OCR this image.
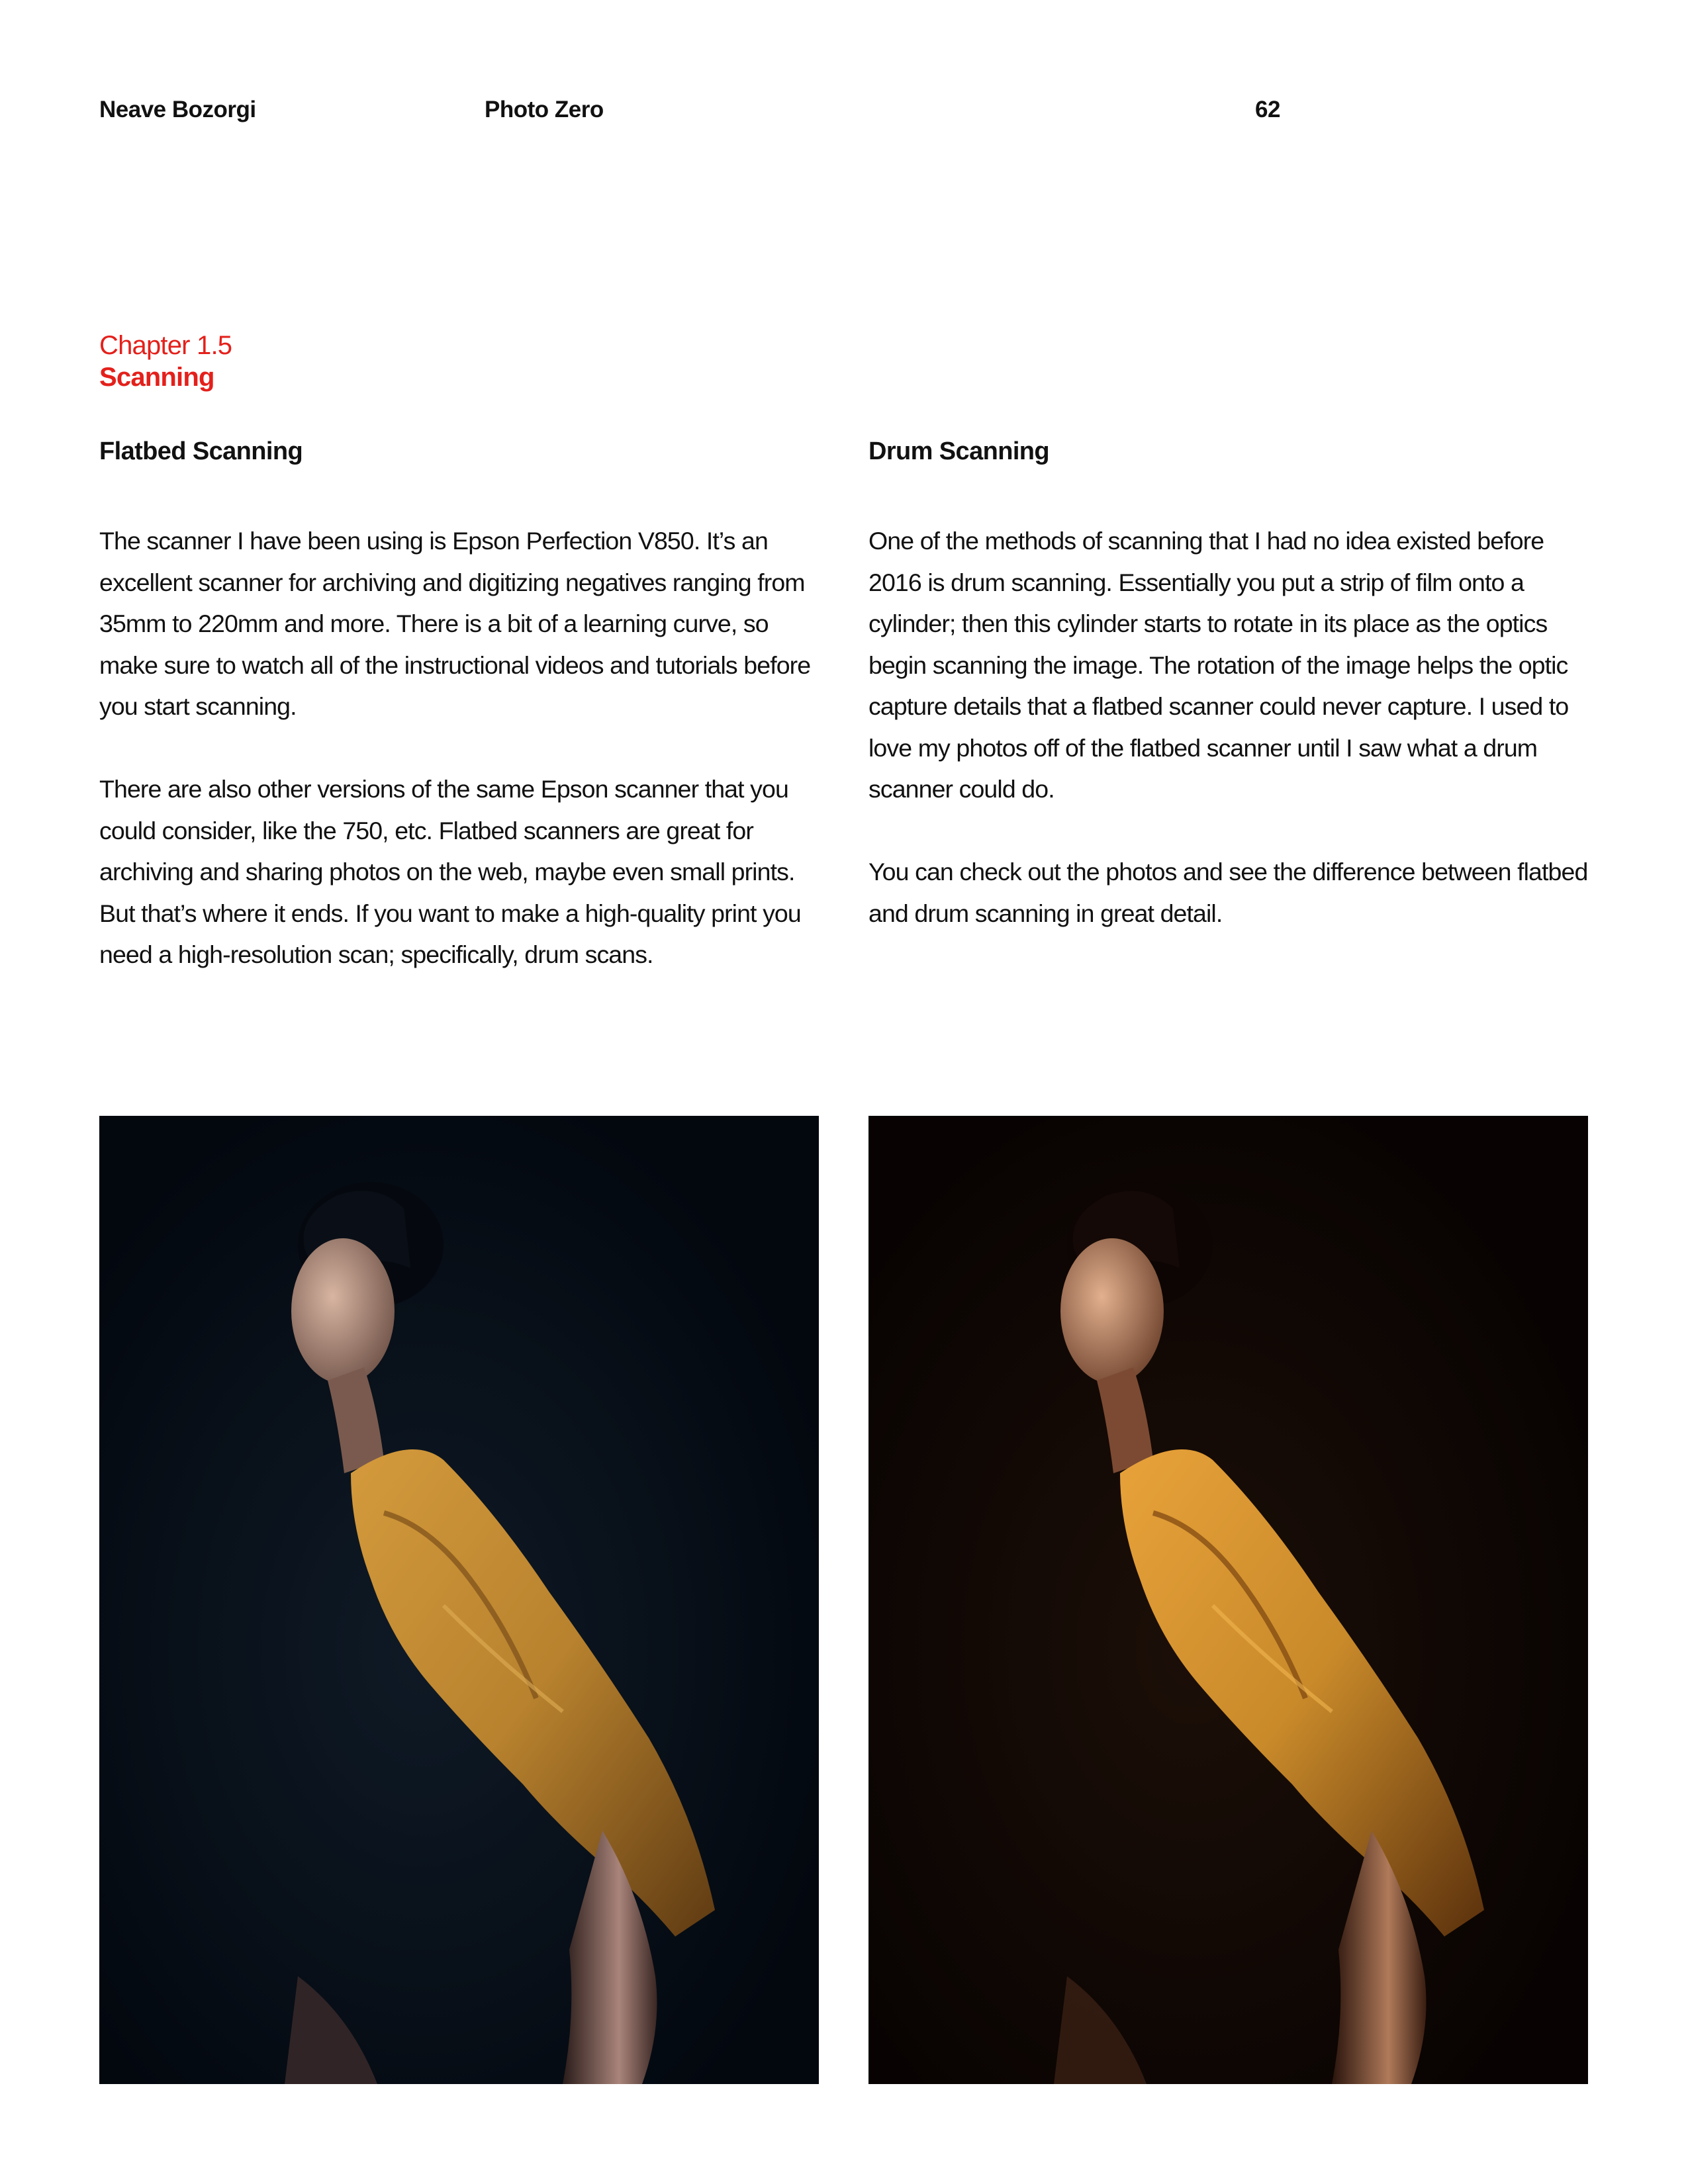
Neave Bozorgi	Photo Zero	62
Chapter 1.5
Scanning
Flatbed Scanning

The scanner I have been using is Epson Perfection V850. It’s an excellent scanner for archiving and digitizing negatives ranging from 35mm to 220mm and more. There is a bit of a learning curve, so make sure to watch all of the instructional videos and tutorials before you start scanning.

There are also other versions of the same Epson scanner that you could consider, like the 750, etc. Flatbed scanners are great for archiving and sharing photos on the web, maybe even small prints. But that’s where it ends. If you want to make a high-quality print you need a high-resolution scan; specifically, drum scans.

Drum Scanning

One of the methods of scanning that I had no idea existed before 2016 is drum scanning. Essentially you put a strip of film onto a cylinder; then this cylinder starts to rotate in its place as the optics begin scanning the image. The rotation of the image helps the optic capture details that a flatbed scanner could never capture. I used to love my photos off of the flatbed scanner until I saw what a drum scanner could do.

You can check out the photos and see the difference between flatbed and drum scanning in great detail.
